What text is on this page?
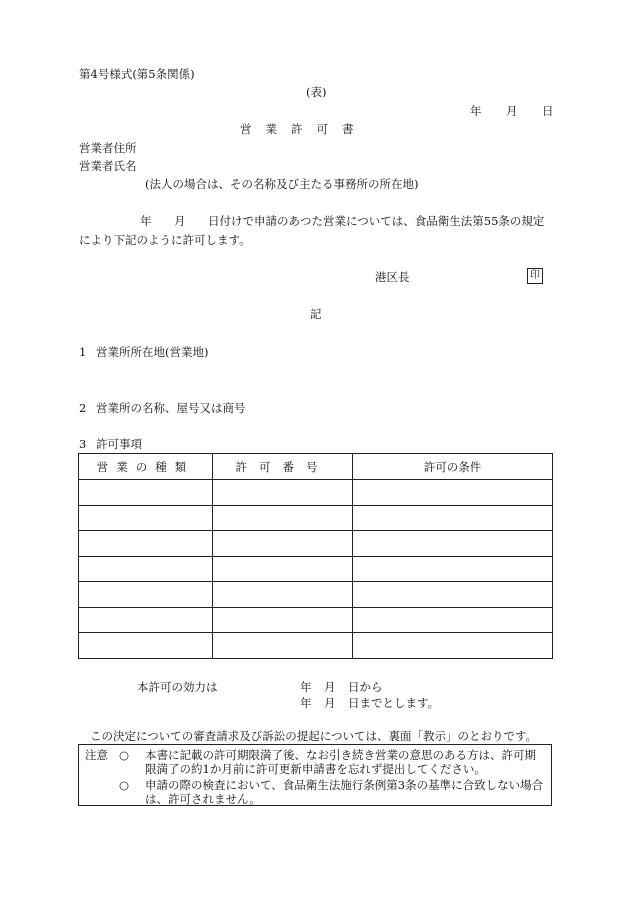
第4号様式(第5条関係)
(表)
年 月 日
営業許可書
営業者住所
営業者氏名
(法人の場合は、その名称及び主たる事務所の所在地)
年 月 日付けで申請のあつた営業については、食品衛生法第55条の規定
により下記のように許可します。
港区長	印
記
1 営業所所在地(営業地)
2 営業所の名称、屋号又は商号
3 許可事項
営業の種類	許可番号	許可の条件

本許可の効力は	年 月 日から
年 月 日までとします。
この決定についての審査請求及び訴訟の提起については、裏面「教示」のとおりです。
注意 ○ 本書に記載の許可期限満了後、なお引き続き営業の意思のある方は、許可期限満了の約1か月前に許可更新申請書を忘れず提出してください。
○ 申請の際の検査において、食品衛生法施行条例第3条の基準に合致しない場合は、許可されません。
